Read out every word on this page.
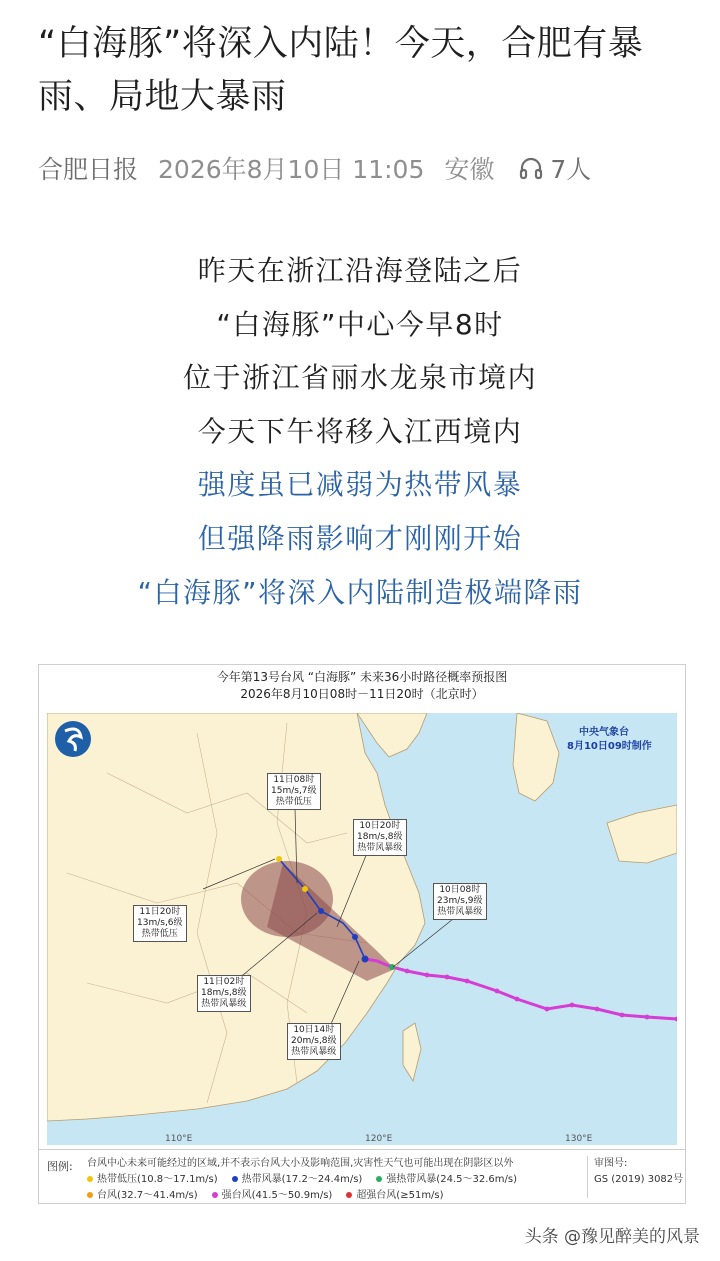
“白海豚”将深入内陆！今天，合肥有暴雨、局地大暴雨
合肥日报 2026年8月10日 11:05 安徽 7人
昨天在浙江沿海登陆之后
“白海豚”中心今早8时
位于浙江省丽水龙泉市境内
今天下午将移入江西境内
强度虽已减弱为热带风暴
但强降雨影响才刚刚开始
“白海豚”将深入内陆制造极端降雨
今年第13号台风 “白海豚” 未来36小时路径概率预报图
2026年8月10日08时－11日20时（北京时）
110°E	120°E	130°E
中央气象台
8月10日09时制作
11日08时
15m/s,7级
热带低压
10日20时
18m/s,8级
热带风暴级
10日08时
23m/s,9级
热带风暴级
11日20时
13m/s,6级
热带低压
11日02时
18m/s,8级
热带风暴级
10日14时
20m/s,8级
热带风暴级
图例: 台风中心未来可能经过的区域,并不表示台风大小及影响范围,灾害性天气也可能出现在阴影区以外
热带低压(10.8～17.1m/s) 热带风暴(17.2～24.4m/s) 强热带风暴(24.5～32.6m/s)
台风(32.7～41.4m/s) 强台风(41.5～50.9m/s) 超强台风(≥51m/s)
审图号:
GS (2019) 3082号
头条 @豫见醉美的风景
